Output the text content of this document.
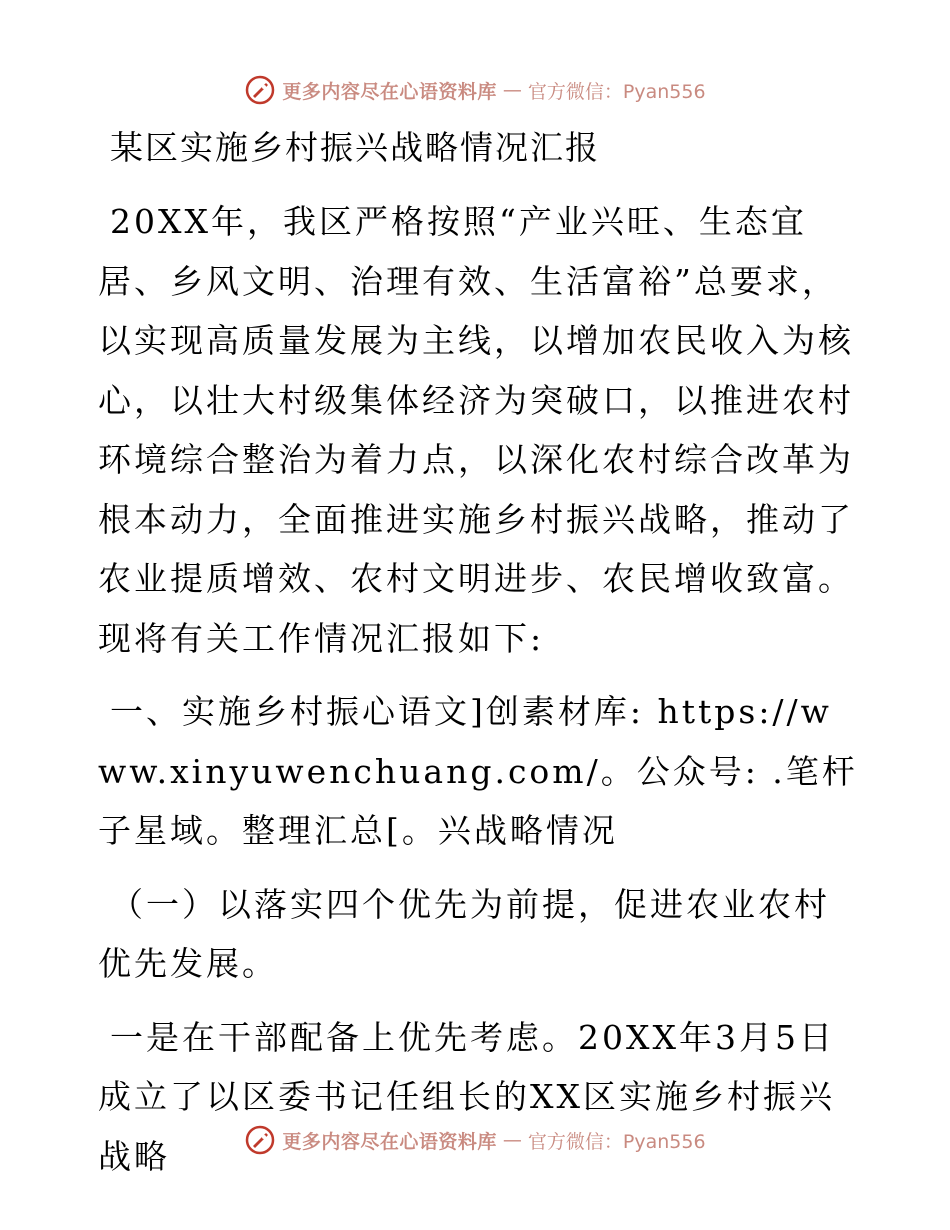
更多内容尽在心语资料库 — 官方微信：Pyan556
某区实施乡村振兴战略情况汇报

20XX年，我区严格按照“产业兴旺、生态宜居、乡风文明、治理有效、生活富裕”总要求，以实现高质量发展为主线，以增加农民收入为核心，以壮大村级集体经济为突破口，以推进农村环境综合整治为着力点，以深化农村综合改革为根本动力，全面推进实施乡村振兴战略，推动了农业提质增效、农村文明进步、农民增收致富。现将有关工作情况汇报如下:

一、实施乡村振心语文]创素材库: https://www.xinyuwenchuang.com/。公众号: .笔杆子星域。整理汇总[。兴战略情况

（一）以落实四个优先为前提，促进农业农村优先发展。

一是在干部配备上优先考虑。20XX年3月5日成立了以区委书记任组长的XX区实施乡村振兴战略	更多内容尽在心语资料库 — 官方微信：Pyan556
